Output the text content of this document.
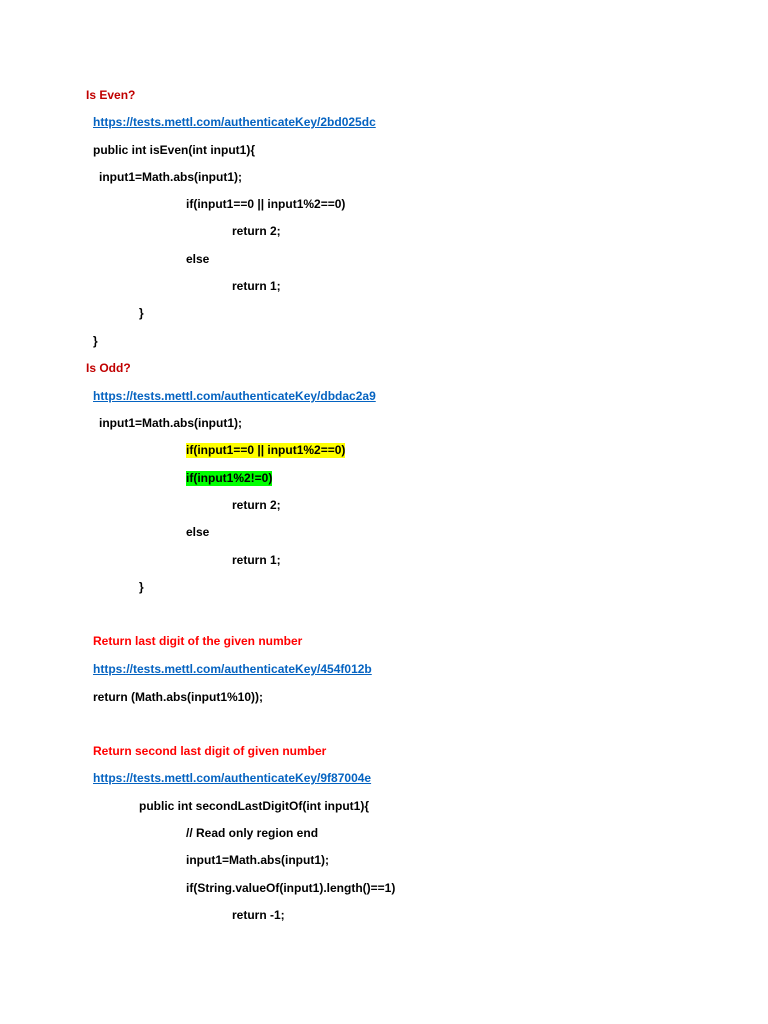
Is Even?
https://tests.mettl.com/authenticateKey/2bd025dc
public int isEven(int input1){
input1=Math.abs(input1);
if(input1==0 || input1%2==0)
return 2;
else
return 1;
}
}
Is Odd?
https://tests.mettl.com/authenticateKey/dbdac2a9
input1=Math.abs(input1);
if(input1==0 || input1%2==0)
if(input1%2!=0)
return 2;
else
return 1;
}
Return last digit of the given number
https://tests.mettl.com/authenticateKey/454f012b
return (Math.abs(input1%10));
Return second last digit of given number
https://tests.mettl.com/authenticateKey/9f87004e
public int secondLastDigitOf(int input1){
// Read only region end
input1=Math.abs(input1);
if(String.valueOf(input1).length()==1)
return -1;
